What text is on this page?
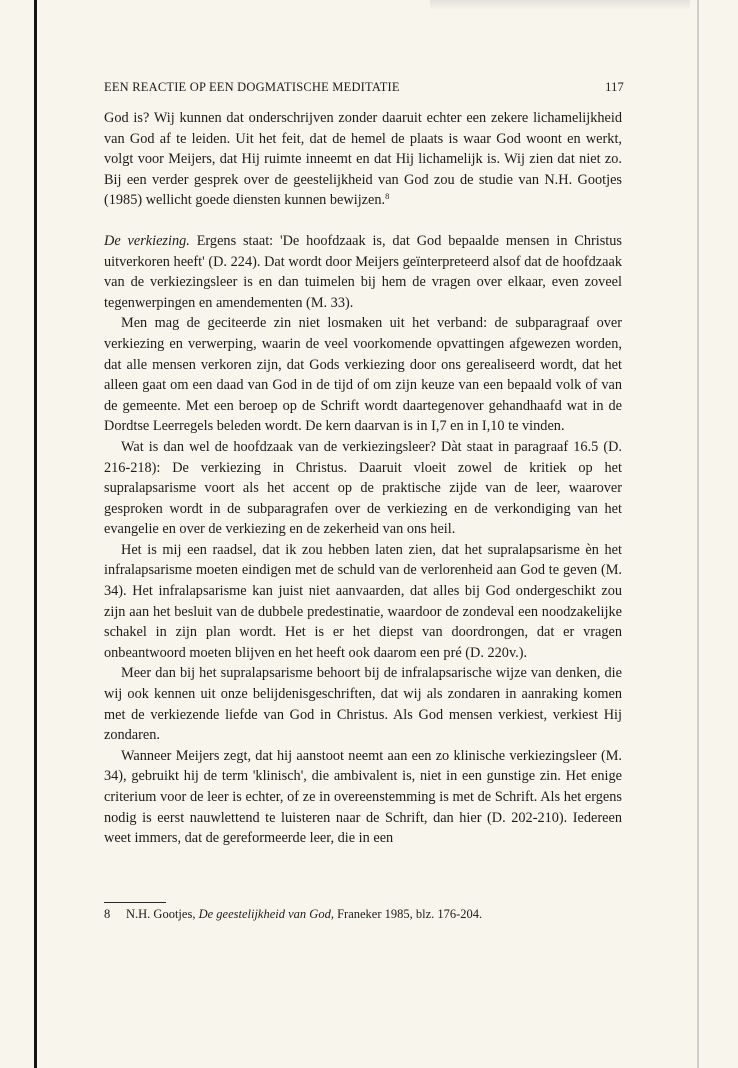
EEN REACTIE OP EEN DOGMATISCHE MEDITATIE	117

God is? Wij kunnen dat onderschrijven zonder daaruit echter een zekere lichamelijkheid van God af te leiden. Uit het feit, dat de hemel de plaats is waar God woont en werkt, volgt voor Meijers, dat Hij ruimte inneemt en dat Hij lichamelijk is. Wij zien dat niet zo. Bij een verder gesprek over de geestelijkheid van God zou de studie van N.H. Gootjes (1985) wellicht goede diensten kunnen bewijzen.$^8$

De verkiezing. Ergens staat: 'De hoofdzaak is, dat God bepaalde mensen in Christus uitverkoren heeft' (D. 224). Dat wordt door Meijers geïnterpreteerd alsof dat de hoofdzaak van de verkiezingsleer is en dan tuimelen bij hem de vragen over elkaar, even zoveel tegenwerpingen en amendementen (M. 33).

Men mag de geciteerde zin niet losmaken uit het verband: de subparagraaf over verkiezing en verwerping, waarin de veel voorkomende opvattingen afgewezen worden, dat alle mensen verkoren zijn, dat Gods verkiezing door ons gerealiseerd wordt, dat het alleen gaat om een daad van God in de tijd of om zijn keuze van een bepaald volk of van de gemeente. Met een beroep op de Schrift wordt daartegenover gehandhaafd wat in de Dordtse Leerregels beleden wordt. De kern daarvan is in I,7 en in I,10 te vinden.

Wat is dan wel de hoofdzaak van de verkiezingsleer? Dàt staat in paragraaf 16.5 (D. 216-218): De verkiezing in Christus. Daaruit vloeit zowel de kritiek op het supralapsarisme voort als het accent op de praktische zijde van de leer, waarover gesproken wordt in de subparagrafen over de verkiezing en de verkondiging van het evangelie en over de verkiezing en de zekerheid van ons heil.

Het is mij een raadsel, dat ik zou hebben laten zien, dat het supralapsarisme èn het infralapsarisme moeten eindigen met de schuld van de verlorenheid aan God te geven (M. 34). Het infralapsarisme kan juist niet aanvaarden, dat alles bij God ondergeschikt zou zijn aan het besluit van de dubbele predestinatie, waardoor de zondeval een noodzakelijke schakel in zijn plan wordt. Het is er het diepst van doordrongen, dat er vragen onbeantwoord moeten blijven en het heeft ook daarom een pré (D. 220v.).

Meer dan bij het supralapsarisme behoort bij de infralapsarische wijze van denken, die wij ook kennen uit onze belijdenisgeschriften, dat wij als zondaren in aanraking komen met de verkiezende liefde van God in Christus. Als God mensen verkiest, verkiest Hij zondaren.

Wanneer Meijers zegt, dat hij aanstoot neemt aan een zo klinische verkiezingsleer (M. 34), gebruikt hij de term 'klinisch', die ambivalent is, niet in een gunstige zin. Het enige criterium voor de leer is echter, of ze in overeenstemming is met de Schrift. Als het ergens nodig is eerst nauwlettend te luisteren naar de Schrift, dan hier (D. 202-210). Iedereen weet immers, dat de gereformeerde leer, die in een

8 N.H. Gootjes, De geestelijkheid van God, Franeker 1985, blz. 176-204.
